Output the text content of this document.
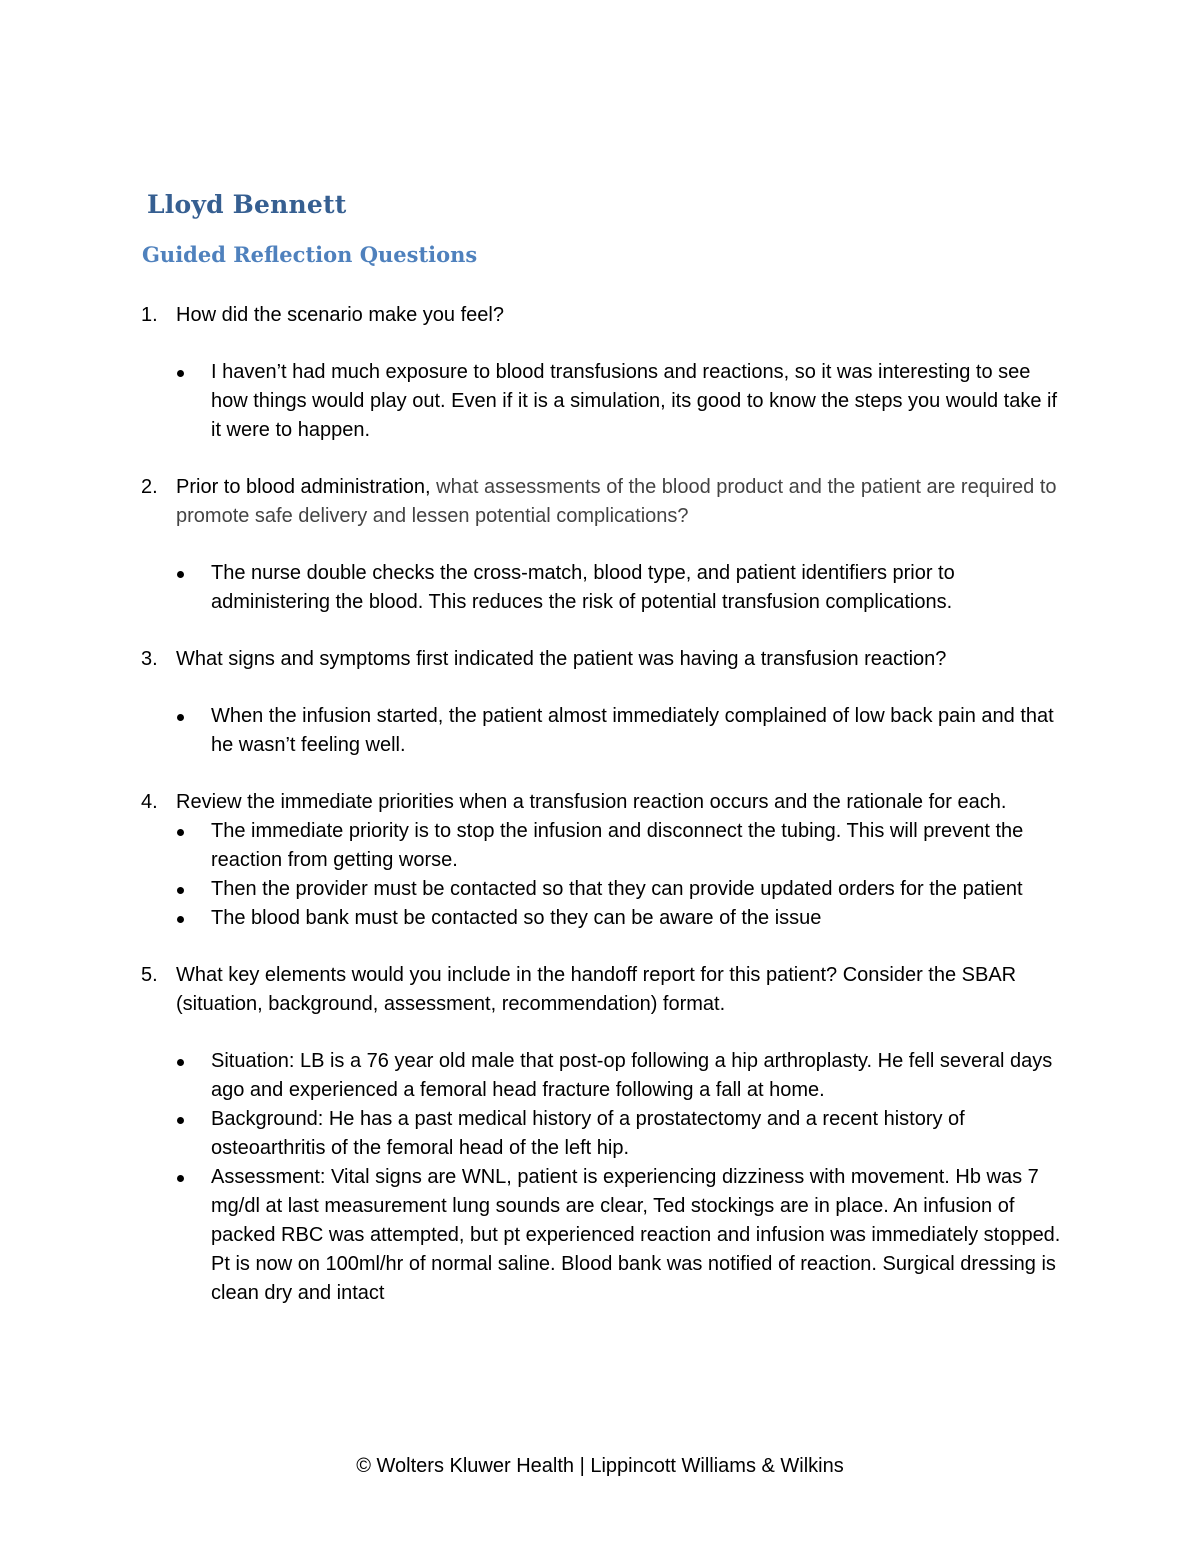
Lloyd Bennett
Guided Reflection Questions
1. How did the scenario make you feel?
I haven’t had much exposure to blood transfusions and reactions, so it was interesting to see how things would play out. Even if it is a simulation, its good to know the steps you would take if it were to happen.
2. Prior to blood administration, what assessments of the blood product and the patient are required to promote safe delivery and lessen potential complications?
The nurse double checks the cross-match, blood type, and patient identifiers prior to administering the blood. This reduces the risk of potential transfusion complications.
3. What signs and symptoms first indicated the patient was having a transfusion reaction?
When the infusion started, the patient almost immediately complained of low back pain and that he wasn’t feeling well.
4. Review the immediate priorities when a transfusion reaction occurs and the rationale for each.
The immediate priority is to stop the infusion and disconnect the tubing. This will prevent the reaction from getting worse.
Then the provider must be contacted so that they can provide updated orders for the patient
The blood bank must be contacted so they can be aware of the issue
5. What key elements would you include in the handoff report for this patient? Consider the SBAR (situation, background, assessment, recommendation) format.
Situation: LB is a 76 year old male that post-op following a hip arthroplasty. He fell several days ago and experienced a femoral head fracture following a fall at home.
Background: He has a past medical history of a prostatectomy and a recent history of osteoarthritis of the femoral head of the left hip.
Assessment: Vital signs are WNL, patient is experiencing dizziness with movement. Hb was 7 mg/dl at last measurement lung sounds are clear, Ted stockings are in place. An infusion of packed RBC was attempted, but pt experienced reaction and infusion was immediately stopped. Pt is now on 100ml/hr of normal saline. Blood bank was notified of reaction. Surgical dressing is clean dry and intact
© Wolters Kluwer Health | Lippincott Williams & Wilkins
